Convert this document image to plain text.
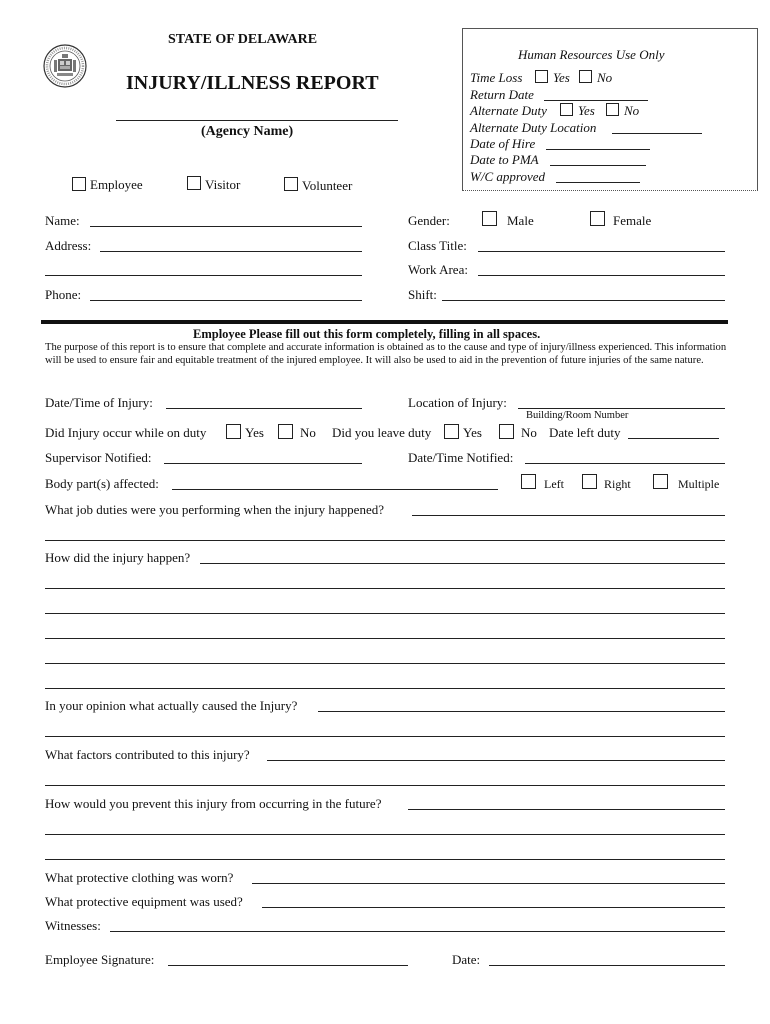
STATE OF DELAWARE
INJURY/ILLNESS REPORT
(Agency Name)
Employee	Visitor	Volunteer
Human Resources Use Only
Time Loss Yes No
Return Date
Alternate Duty Yes No
Alternate Duty Location
Date of Hire
Date to PMA
W/C approved
Name:
Address:
Phone:
Gender:	Male	Female
Class Title:
Work Area:
Shift:
Employee Please fill out this form completely, filling in all spaces.
The purpose of this report is to ensure that complete and accurate information is obtained as to the cause and type of injury/illness experienced. This information will be used to ensure fair and equitable treatment of the injured employee. It will also be used to aid in the prevention of future injuries of the same nature.
Date/Time of Injury:	Location of Injury:
Building/Room Number
Did Injury occur while on duty	Yes	No Did you leave duty Yes	No Date left duty
Supervisor Notified:	Date/Time Notified:
Body part(s) affected:	Left	Right	Multiple
What job duties were you performing when the injury happened?
How did the injury happen?
In your opinion what actually caused the Injury?
What factors contributed to this injury?
How would you prevent this injury from occurring in the future?
What protective clothing was worn?
What protective equipment was used?
Witnesses:
Employee Signature:	Date:
